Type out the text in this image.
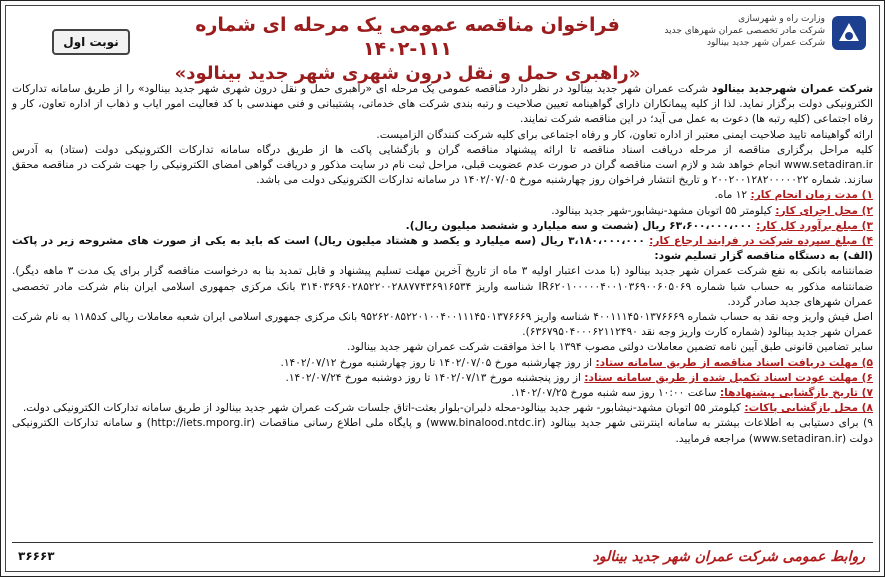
وزارت راه و شهرسازی
شرکت مادر تخصصی عمران شهرهای جدید
شرکت عمران شهر جدید بینالود
فراخوان مناقصه عمومی یک مرحله ای شماره ۱۱۱-۱۴۰۲
«راهبری حمل و نقل درون شهری شهر جدید بینالود»
نوبت اول

شرکت عمران شهرجدید بینالود شرکت عمران شهر جدید بینالود در نظر دارد مناقصه عمومی یک مرحله ای «راهبری حمل و نقل درون شهری شهر جدید بینالود» را از طریق سامانه تدارکات الکترونیکی دولت برگزار نماید. لذا از کلیه پیمانکاران دارای گواهینامه تعیین صلاحیت و رتبه بندی شرکت های خدماتی، پشتیبانی و فنی مهندسی با کد فعالیت امور ایاب و ذهاب از اداره تعاون، کار و رفاه اجتماعی (کلیه رتبه ها) دعوت به عمل می آید؛ در این مناقصه شرکت نمایند.

ارائه گواهینامه تایید صلاحیت ایمنی معتبر از اداره تعاون، کار و رفاه اجتماعی برای کلیه شرکت کنندگان الزامیست.

کلیه مراحل برگزاری مناقصه از مرحله دریافت اسناد مناقصه تا ارائه پیشنهاد مناقصه گران و بازگشایی پاکت ها از طریق درگاه سامانه تدارکات الکترونیکی دولت (ستاد) به آدرس www.setadiran.ir انجام خواهد شد و لازم است مناقصه گران در صورت عدم عضویت قبلی، مراحل ثبت نام در سایت مذکور و دریافت گواهی امضای الکترونیکی را جهت شرکت در مناقصه محقق سازند. شماره ۲۰۰۲۰۰۱۲۸۲۰۰۰۰۰۲۲ و تاریخ انتشار فراخوان روز چهارشنبه مورخ ۱۴۰۲/۰۷/۰۵ در سامانه تدارکات الکترونیکی دولت می باشد.

۱) مدت زمان انجام کار: ۱۲ ماه.

۲) محل اجرای کار: کیلومتر ۵۵ اتوبان مشهد-نیشابور-شهر جدید بینالود.

۳) مبلغ برآورد کل کار: ۶۳،۶۰۰،۰۰۰،۰۰۰ ریال (شصت و سه میلیارد و ششصد میلیون ریال).

۴) مبلغ سپرده شرکت در فرایند ارجاع کار: ۳،۱۸۰،۰۰۰،۰۰۰ ریال (سه میلیارد و یکصد و هشتاد میلیون ریال) است که باید به یکی از صورت های مشروحه زیر در پاکت (الف) به دستگاه مناقصه گزار تسلیم شود:

ضمانتنامه بانکی به نفع شرکت عمران شهر جدید بینالود (با مدت اعتبار اولیه ۳ ماه از تاریخ آخرین مهلت تسلیم پیشنهاد و قابل تمدید بنا به درخواست مناقصه گزار برای یک مدت ۳ ماهه دیگر). ضمانتنامه مذکور به حساب شبا شماره IR۶۲۰۱۰۰۰۰۰۴۰۰۱۰۳۶۹۰۰۶۰۵۰۶۹ شناسه واریز ۳۱۴۰۳۶۹۶۰۲۸۵۲۲۰۰۲۸۸۷۷۴۳۶۹۱۶۵۳۴ بانک مرکزی جمهوری اسلامی ایران بنام شرکت مادر تخصصی عمران شهرهای جدید صادر گردد.

اصل فیش واریز وجه نقد به حساب شماره ۴۰۰۱۱۱۴۵۰۱۳۷۶۶۶۹ شناسه واریز ۹۵۲۶۲۰۸۵۲۲۰۱۰۰۴۰۰۱۱۱۴۵۰۱۳۷۶۶۶۹ بانک مرکزی جمهوری اسلامی ایران شعبه معاملات ریالی کد۱۱۸۵ به نام شرکت عمران شهر جدید بینالود (شماره کارت واریز وجه نقد ۶۳۶۷۹۵۰۴۰۰۰۶۲۱۱۲۴۹۰).

سایر تضامین قانونی طبق آیین نامه تضمین معاملات دولتی مصوب ۱۳۹۴ با اخذ موافقت شرکت عمران شهر جدید بینالود.

۵) مهلت دریافت اسناد مناقصه از طریق سامانه ستاد: از روز چهارشنبه مورخ ۱۴۰۲/۰۷/۰۵ تا روز چهارشنبه مورخ ۱۴۰۲/۰۷/۱۲.

۶) مهلت عودت اسناد تکمیل شده از طریق سامانه ستاد: از روز پنجشنبه مورخ ۱۴۰۲/۰۷/۱۳ تا روز دوشنبه مورخ ۱۴۰۲/۰۷/۲۴.

۷) تاریخ بازگشایی پیشنهادها: ساعت ۱۰:۰۰ روز سه شنبه مورخ ۱۴۰۲/۰۷/۲۵.

۸) محل بازگشایی پاکات: کیلومتر ۵۵ اتوبان مشهد-نیشابور- شهر جدید بینالود-محله دلبران-بلوار بعثت-اتاق جلسات شرکت عمران شهر جدید بینالود از طریق سامانه تدارکات الکترونیکی دولت.

۹) برای دستیابی به اطلاعات بیشتر به سامانه اینترنتی شهر جدید بینالود (www.binalood.ntdc.ir) و پایگاه ملی اطلاع رسانی مناقصات (http://iets.mporg.ir) و سامانه تدارکات الکترونیکی دولت (www.setadiran.ir) مراجعه فرمایید.

روابط عمومی شرکت عمران شهر جدید بینالود
۳۶۶۶۳
